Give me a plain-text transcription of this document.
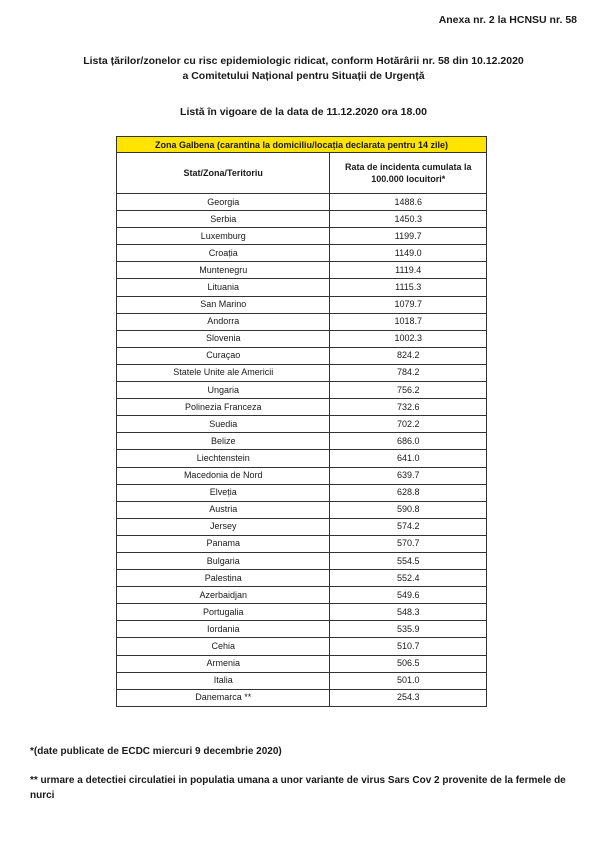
Anexa nr. 2 la HCNSU nr. 58
Lista țărilor/zonelor cu risc epidemiologic ridicat, conform Hotărârii nr. 58 din 10.12.2020
a Comitetului Național pentru Situații de Urgență
Listă în vigoare de la data de 11.12.2020 ora 18.00
Zona Galbena (carantina la domiciliu/locația declarata pentru 14 zile)	
Stat/Zona/Teritoriu	Rata de incidenta cumulata la 100.000 locuitori*
Georgia	1488.6
Serbia	1450.3
Luxemburg	1199.7
Croația	1149.0
Muntenegru	1119.4
Lituania	1115.3
San Marino	1079.7
Andorra	1018.7
Slovenia	1002.3
Curaçao	824.2
Statele Unite ale Americii	784.2
Ungaria	756.2
Polinezia Franceza	732.6
Suedia	702.2
Belize	686.0
Liechtenstein	641.0
Macedonia de Nord	639.7
Elveția	628.8
Austria	590.8
Jersey	574.2
Panama	570.7
Bulgaria	554.5
Palestina	552.4
Azerbaidjan	549.6
Portugalia	548.3
Iordania	535.9
Cehia	510.7
Armenia	506.5
Italia	501.0
Danemarca **	254.3
*(date publicate de ECDC miercuri 9 decembrie 2020)
** urmare a detectiei circulatiei in populatia umana a unor variante de virus Sars Cov 2 provenite de la fermele de nurci
